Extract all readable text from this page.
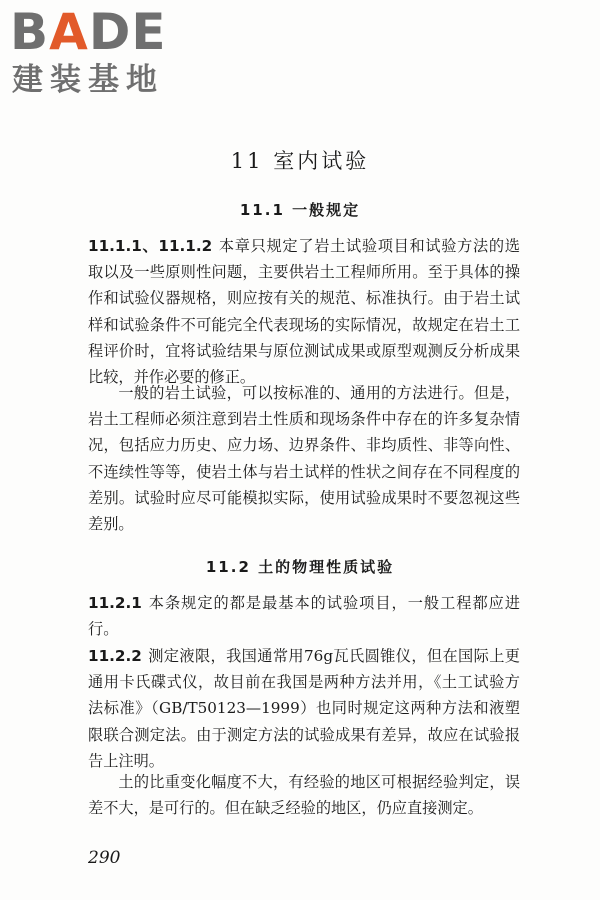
BADE
建装基地
11 室内试验
11.1 一般规定

11.1.1、11.1.2 本章只规定了岩土试验项目和试验方法的选取以及一些原则性问题，主要供岩土工程师所用。至于具体的操作和试验仪器规格，则应按有关的规范、标准执行。由于岩土试样和试验条件不可能完全代表现场的实际情况，故规定在岩土工程评价时，宜将试验结果与原位测试成果或原型观测反分析成果比较，并作必要的修正。

一般的岩土试验，可以按标准的、通用的方法进行。但是，岩土工程师必须注意到岩土性质和现场条件中存在的许多复杂情况，包括应力历史、应力场、边界条件、非均质性、非等向性、不连续性等等，使岩土体与岩土试样的性状之间存在不同程度的差别。试验时应尽可能模拟实际，使用试验成果时不要忽视这些差别。

11.2 土的物理性质试验

11.2.1 本条规定的都是最基本的试验项目，一般工程都应进行。

11.2.2 测定液限，我国通常用76g瓦氏圆锥仪，但在国际上更通用卡氏碟式仪，故目前在我国是两种方法并用，《土工试验方法标准》（GB/T50123—1999）也同时规定这两种方法和液塑限联合测定法。由于测定方法的试验成果有差异，故应在试验报告上注明。

土的比重变化幅度不大，有经验的地区可根据经验判定，误差不大，是可行的。但在缺乏经验的地区，仍应直接测定。

290
